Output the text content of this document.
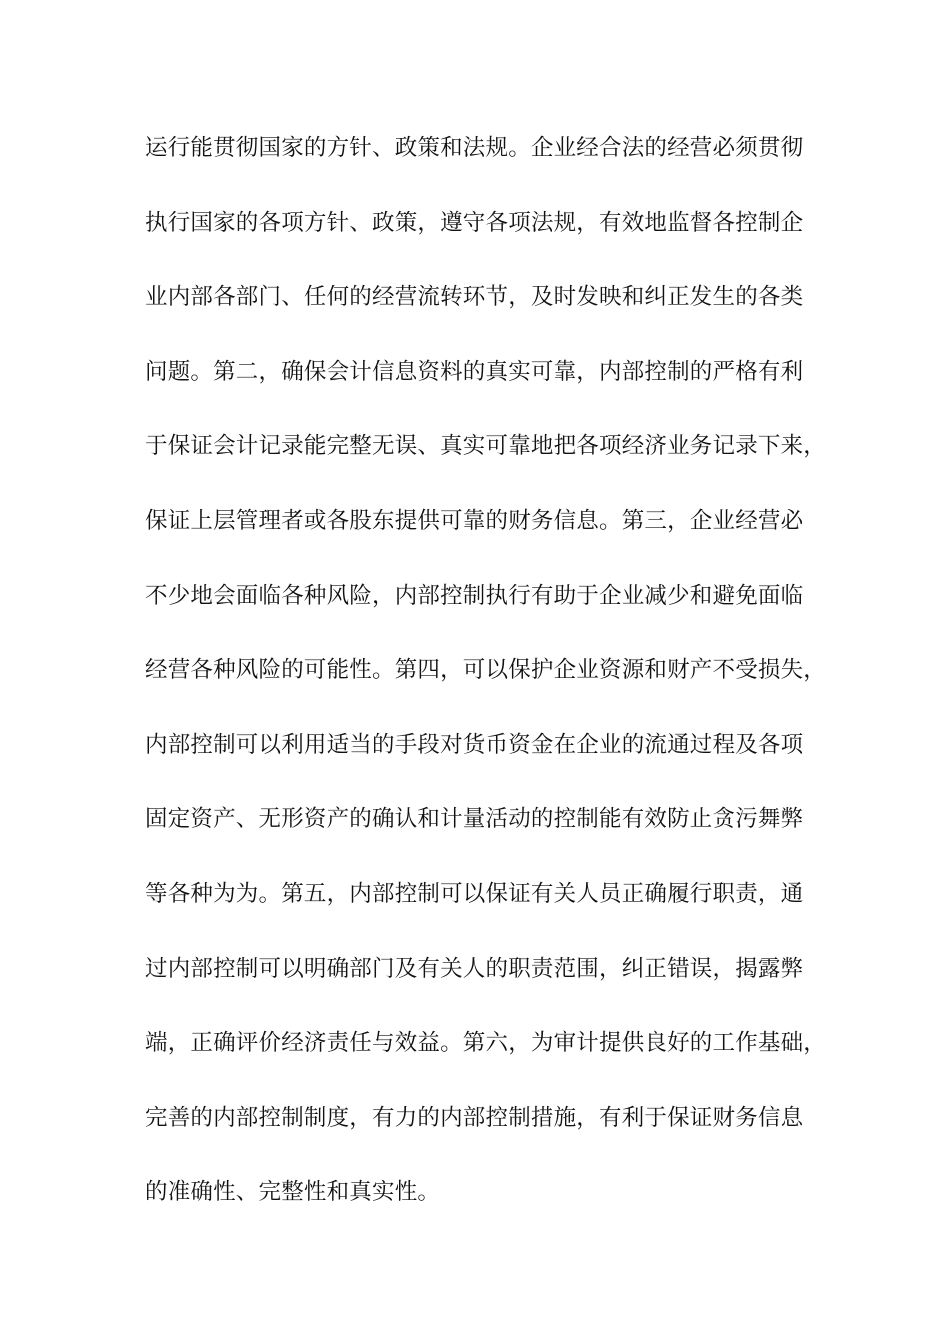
运行能贯彻国家的方针、政策和法规。企业经合法的经营必须贯彻
执行国家的各项方针、政策，遵守各项法规，有效地监督各控制企
业内部各部门、任何的经营流转环节，及时发映和纠正发生的各类
问题。第二，确保会计信息资料的真实可靠，内部控制的严格有利
于保证会计记录能完整无误、真实可靠地把各项经济业务记录下来，
保证上层管理者或各股东提供可靠的财务信息。第三，企业经营必
不少地会面临各种风险，内部控制执行有助于企业减少和避免面临
经营各种风险的可能性。第四，可以保护企业资源和财产不受损失，
内部控制可以利用适当的手段对货币资金在企业的流通过程及各项
固定资产、无形资产的确认和计量活动的控制能有效防止贪污舞弊
等各种为为。第五，内部控制可以保证有关人员正确履行职责，通
过内部控制可以明确部门及有关人的职责范围，纠正错误，揭露弊
端，正确评价经济责任与效益。第六，为审计提供良好的工作基础，
完善的内部控制制度，有力的内部控制措施，有利于保证财务信息
的准确性、完整性和真实性。
